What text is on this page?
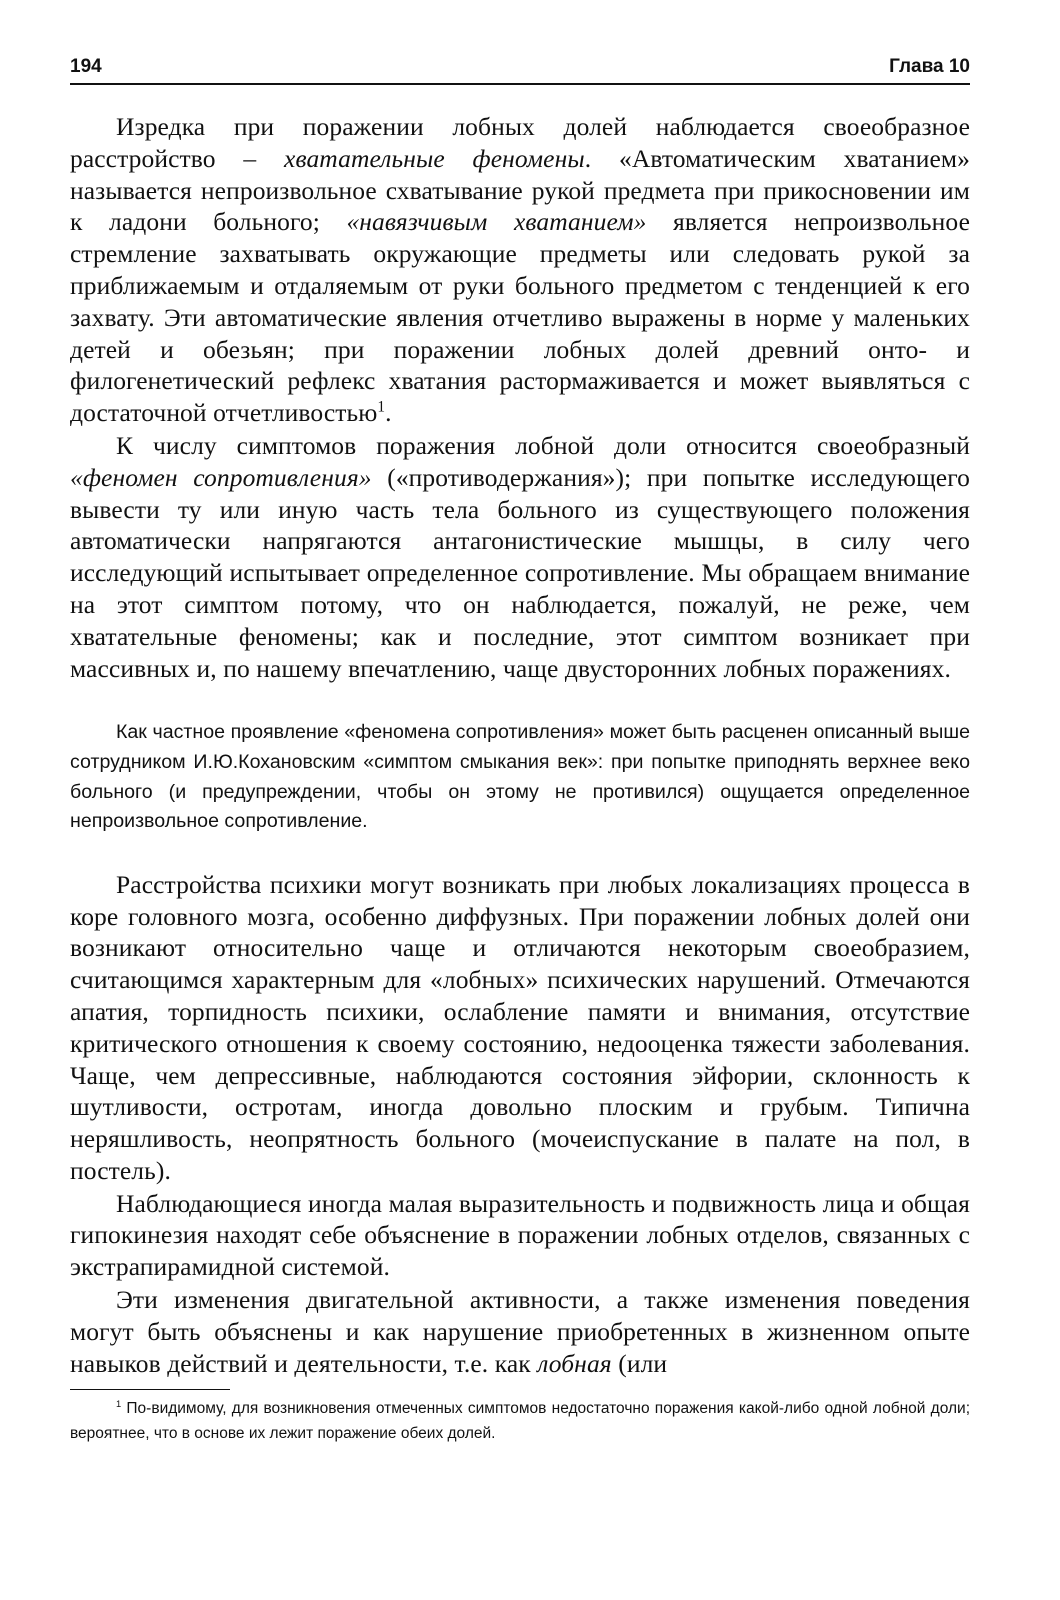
194	Глава 10

Изредка при поражении лобных долей наблюдается своеобразное расстройство – хватательные феномены. «Автоматическим хватанием» называется непроизвольное схватывание рукой предмета при прикосновении им к ладони больного; «навязчивым хватанием» является непроизвольное стремление захватывать окружающие предметы или следовать рукой за приближаемым и отдаляемым от руки больного предметом с тенденцией к его захвату. Эти автоматические явления отчетливо выражены в норме у маленьких детей и обезьян; при поражении лобных долей древний онто- и филогенетический рефлекс хватания растормаживается и может выявляться с достаточной отчетливостью$^1$.

К числу симптомов поражения лобной доли относится своеобразный «феномен сопротивления» («противодержания»); при попытке исследующего вывести ту или иную часть тела больного из существующего положения автоматически напрягаются антагонистические мышцы, в силу чего исследующий испытывает определенное сопротивление. Мы обращаем внимание на этот симптом потому, что он наблюдается, пожалуй, не реже, чем хватательные феномены; как и последние, этот симптом возникает при массивных и, по нашему впечатлению, чаще двусторонних лобных поражениях.

Как частное проявление «феномена сопротивления» может быть расценен описанный выше сотрудником И.Ю.Кохановским «симптом смыкания век»: при попытке приподнять верхнее веко больного (и предупреждении, чтобы он этому не противился) ощущается определенное непроизвольное сопротивление.

Расстройства психики могут возникать при любых локализациях процесса в коре головного мозга, особенно диффузных. При поражении лобных долей они возникают относительно чаще и отличаются некоторым своеобразием, считающимся характерным для «лобных» психических нарушений. Отмечаются апатия, торпидность психики, ослабление памяти и внимания, отсутствие критического отношения к своему состоянию, недооценка тяжести заболевания. Чаще, чем депрессивные, наблюдаются состояния эйфории, склонность к шутливости, остротам, иногда довольно плоским и грубым. Типична неряшливость, неопрятность больного (мочеиспускание в палате на пол, в постель).

Наблюдающиеся иногда малая выразительность и подвижность лица и общая гипокинезия находят себе объяснение в поражении лобных отделов, связанных с экстрапирамидной системой.

Эти изменения двигательной активности, а также изменения поведения могут быть объяснены и как нарушение приобретенных в жизненном опыте навыков действий и деятельности, т.е. как лобная (или

$^1$ По-видимому, для возникновения отмеченных симптомов недостаточно поражения какой-либо одной лобной доли; вероятнее, что в основе их лежит поражение обеих долей.
